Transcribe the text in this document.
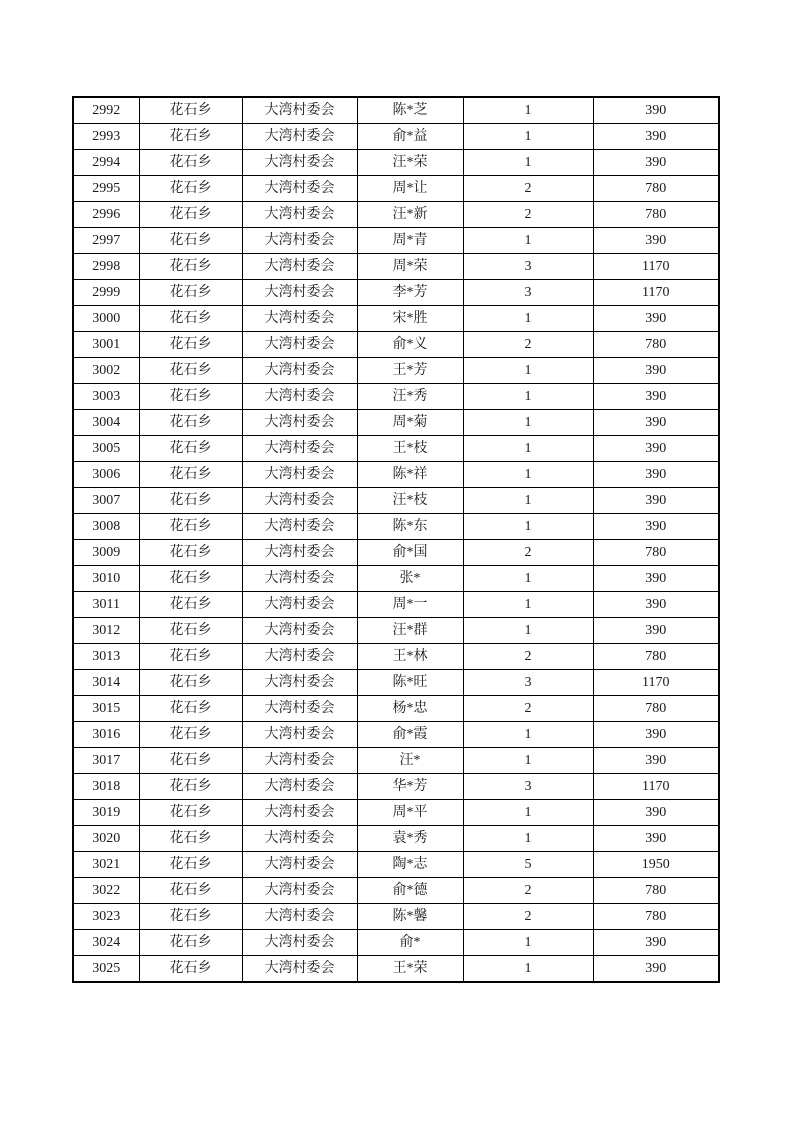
2992	花石乡	大湾村委会	陈*芝	1	390
2993	花石乡	大湾村委会	俞*益	1	390
2994	花石乡	大湾村委会	汪*荣	1	390
2995	花石乡	大湾村委会	周*让	2	780
2996	花石乡	大湾村委会	汪*新	2	780
2997	花石乡	大湾村委会	周*青	1	390
2998	花石乡	大湾村委会	周*荣	3	1170
2999	花石乡	大湾村委会	李*芳	3	1170
3000	花石乡	大湾村委会	宋*胜	1	390
3001	花石乡	大湾村委会	俞*义	2	780
3002	花石乡	大湾村委会	王*芳	1	390
3003	花石乡	大湾村委会	汪*秀	1	390
3004	花石乡	大湾村委会	周*菊	1	390
3005	花石乡	大湾村委会	王*枝	1	390
3006	花石乡	大湾村委会	陈*祥	1	390
3007	花石乡	大湾村委会	汪*枝	1	390
3008	花石乡	大湾村委会	陈*东	1	390
3009	花石乡	大湾村委会	俞*国	2	780
3010	花石乡	大湾村委会	张*	1	390
3011	花石乡	大湾村委会	周*一	1	390
3012	花石乡	大湾村委会	汪*群	1	390
3013	花石乡	大湾村委会	王*林	2	780
3014	花石乡	大湾村委会	陈*旺	3	1170
3015	花石乡	大湾村委会	杨*忠	2	780
3016	花石乡	大湾村委会	俞*霞	1	390
3017	花石乡	大湾村委会	汪*	1	390
3018	花石乡	大湾村委会	华*芳	3	1170
3019	花石乡	大湾村委会	周*平	1	390
3020	花石乡	大湾村委会	袁*秀	1	390
3021	花石乡	大湾村委会	陶*志	5	1950
3022	花石乡	大湾村委会	俞*德	2	780
3023	花石乡	大湾村委会	陈*馨	2	780
3024	花石乡	大湾村委会	俞*	1	390
3025	花石乡	大湾村委会	王*荣	1	390
